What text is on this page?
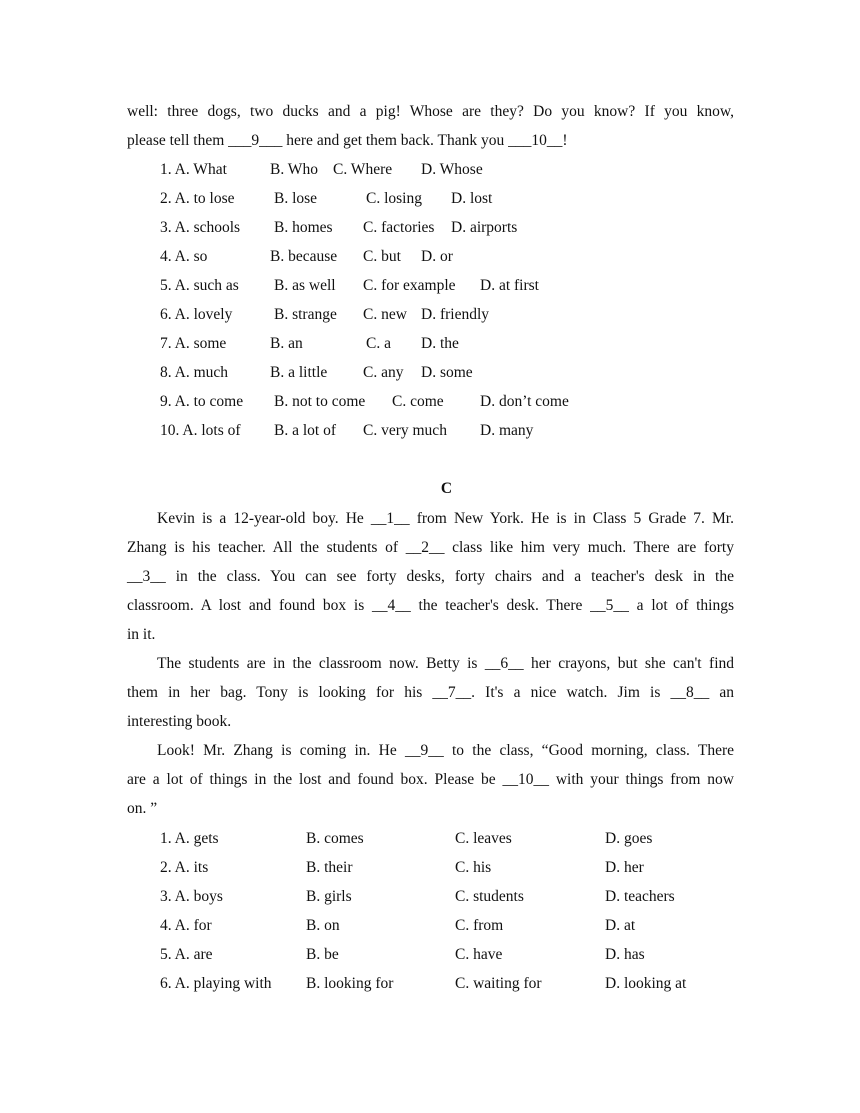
well: three dogs, two ducks and a pig! Whose are they? Do you know? If you know,
please tell them ___9___ here and get them back. Thank you ___10__!
1. A. What	B. Who C. Where D. Whose
2. A. to lose	B. lose	C. losing D. lost
3. A. schools B. homes C. factories D. airports
4. A. so	B. because C. but D. or
5. A. such as B. as well C. for example D. at first
6. A. lovely	B. strange C. new D. friendly
7. A. some	B. an	C. a D. the
8. A. much	B. a little C. any D. some
9. A. to come B. not to come C. come D. don’t come
10. A. lots of B. a lot of C. very much D. many
C
Kevin is a 12-year-old boy. He __1__ from New York. He is in Class 5 Grade 7. Mr.
Zhang is his teacher. All the students of __2__ class like him very much. There are forty
__3__ in the class. You can see forty desks, forty chairs and a teacher's desk in the
classroom. A lost and found box is __4__ the teacher's desk. There __5__ a lot of things
in it.
The students are in the classroom now. Betty is __6__ her crayons, but she can't find
them in her bag. Tony is looking for his __7__. It's a nice watch. Jim is __8__ an
interesting book.
Look! Mr. Zhang is coming in. He __9__ to the class, “Good morning, class. There
are a lot of things in the lost and found box. Please be __10__ with your things from now
on. ”
1. A. gets	B. comes	C. leaves	D. goes
2. A. its	B. their	C. his	D. her
3. A. boys	B. girls	C. students	D. teachers
4. A. for	B. on	C. from	D. at
5. A. are	B. be	C. have	D. has
6. A. playing with B. looking for	C. waiting for	D. looking at
